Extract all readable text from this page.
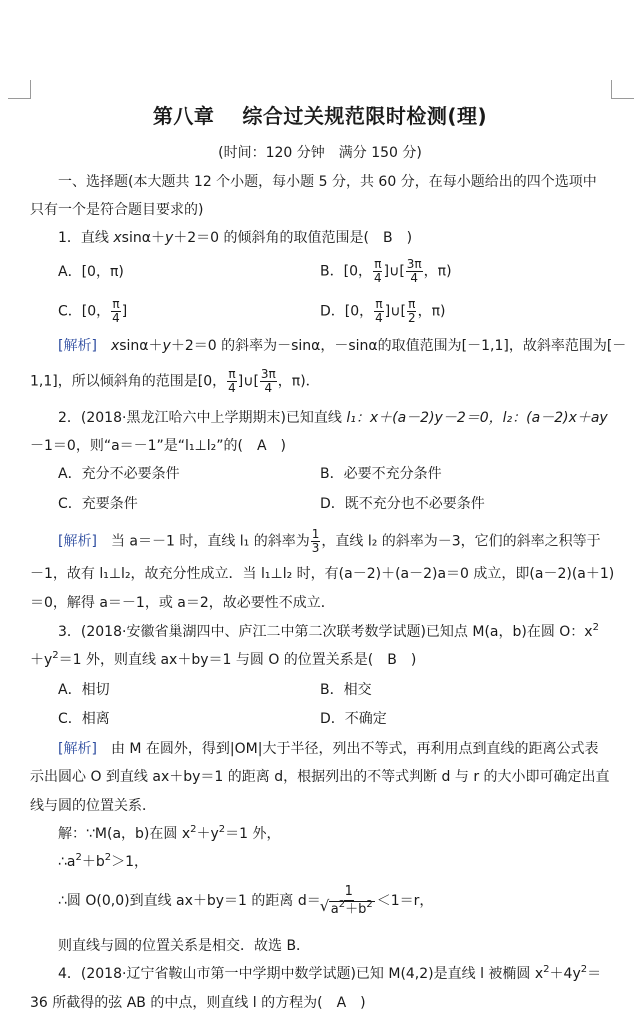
第八章 综合过关规范限时检测(理)
(时间：120 分钟 满分 150 分)
一、选择题(本大题共 12 个小题，每小题 5 分，共 60 分，在每小题给出的四个选项中
只有一个是符合题目要求的)
1．直线 xsinα＋y＋2＝0 的倾斜角的取值范围是(　B　)
A．[0，π)	B．[0， $\frac{\pi}{4}$ ]∪[ $\frac{3\pi}{4}$ ，π)
C．[0， $\frac{\pi}{4}$ ]	D．[0， $\frac{\pi}{4}$ ]∪[ $\frac{\pi}{2}$ ，π)
[解析]　 xsinα＋y＋2＝0 的斜率为－sinα，－sinα的取值范围为[－1,1]，故斜率范围为[－
1,1]，所以倾斜角的范围是[0， $\frac{\pi}{4}$ ]∪[ $\frac{3\pi}{4}$ ，π)．
2．(2018·黑龙江哈六中上学期期末)已知直线 l₁：x＋(a－2)y－2＝0，l₂：(a－2)x＋ay
－1＝0，则“a＝－1”是“l₁⊥l₂”的(　A　)
A．充分不必要条件	B．必要不充分条件
C．充要条件	D．既不充分也不必要条件
[解析]　 当 a＝－1 时，直线 l₁ 的斜率为 $\frac{1}{3}$ ，直线 l₂ 的斜率为－3，它们的斜率之积等于
－1，故有 l₁⊥l₂，故充分性成立．当 l₁⊥l₂ 时，有(a－2)＋(a－2)a＝0 成立，即(a－2)(a＋1)
＝0，解得 a＝－1，或 a＝2，故必要性不成立．
3．(2018·安徽省巢湖四中、庐江二中第二次联考数学试题)已知点 M(a，b)在圆 O：$x^2$
$+y^2=1$ 外，则直线 ax＋by＝1 与圆 O 的位置关系是(　B　)
A．相切	B．相交
C．相离	D．不确定
[解析]　 由 M 在圆外，得到|OM|大于半径，列出不等式，再利用点到直线的距离公式表
示出圆心 O 到直线 ax＋by＝1 的距离 d，根据列出的不等式判断 d 与 r 的大小即可确定出直
线与圆的位置关系．
解：∵M(a，b)在圆 $x^2+y^2=1$ 外，
$\therefore a^2+b^2>1$，
∴圆 O(0,0)到直线 ax＋by＝1 的距离 d＝ 1
√ $a^2+b^2 <1=r$，
则直线与圆的位置关系是相交．故选 B．
4．(2018·辽宁省鞍山市第一中学期中数学试题)已知 M(4,2)是直线 l 被椭圆 $x^2+4y^2=$
36 所截得的弦 AB 的中点，则直线 l 的方程为(　A　)
